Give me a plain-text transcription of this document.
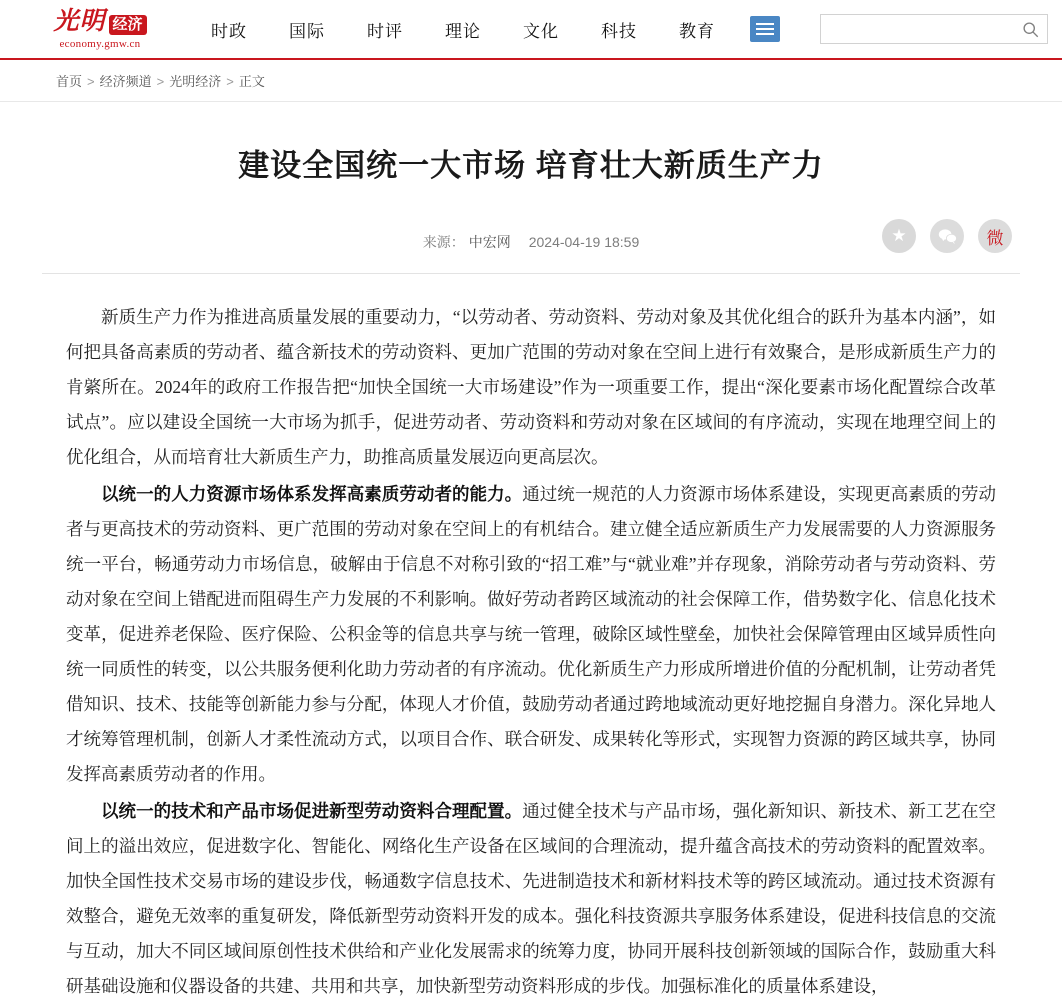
光明 经济
economy.gmw.cn
时政	国际	时评	理论	文化	科技	教育
首页 > 经济频道 > 光明经济 > 正文
建设全国统一大市场 培育壮大新质生产力
来源： 中宏网 2024-04-19 18:59	★	微

新质生产力作为推进高质量发展的重要动力，“以劳动者、劳动资料、劳动对象及其优化组合的跃升为基本内涵”，如何把具备高素质的劳动者、蕴含新技术的劳动资料、更加广范围的劳动对象在空间上进行有效聚合，是形成新质生产力的肯綮所在。2024年的政府工作报告把“加快全国统一大市场建设”作为一项重要工作，提出“深化要素市场化配置综合改革试点”。应以建设全国统一大市场为抓手，促进劳动者、劳动资料和劳动对象在区域间的有序流动，实现在地理空间上的优化组合，从而培育壮大新质生产力，助推高质量发展迈向更高层次。

以统一的人力资源市场体系发挥高素质劳动者的能力。通过统一规范的人力资源市场体系建设，实现更高素质的劳动者与更高技术的劳动资料、更广范围的劳动对象在空间上的有机结合。建立健全适应新质生产力发展需要的人力资源服务统一平台，畅通劳动力市场信息，破解由于信息不对称引致的“招工难”与“就业难”并存现象，消除劳动者与劳动资料、劳动对象在空间上错配进而阻碍生产力发展的不利影响。做好劳动者跨区域流动的社会保障工作，借势数字化、信息化技术变革，促进养老保险、医疗保险、公积金等的信息共享与统一管理，破除区域性壁垒，加快社会保障管理由区域异质性向统一同质性的转变，以公共服务便利化助力劳动者的有序流动。优化新质生产力形成所增进价值的分配机制，让劳动者凭借知识、技术、技能等创新能力参与分配，体现人才价值，鼓励劳动者通过跨地域流动更好地挖掘自身潜力。深化异地人才统筹管理机制，创新人才柔性流动方式，以项目合作、联合研发、成果转化等形式，实现智力资源的跨区域共享，协同发挥高素质劳动者的作用。

以统一的技术和产品市场促进新型劳动资料合理配置。通过健全技术与产品市场，强化新知识、新技术、新工艺在空间上的溢出效应，促进数字化、智能化、网络化生产设备在区域间的合理流动，提升蕴含高技术的劳动资料的配置效率。加快全国性技术交易市场的建设步伐，畅通数字信息技术、先进制造技术和新材料技术等的跨区域流动。通过技术资源有效整合，避免无效率的重复研发，降低新型劳动资料开发的成本。强化科技资源共享服务体系建设，促进科技信息的交流与互动，加大不同区域间原创性技术供给和产业化发展需求的统筹力度，协同开展科技创新领域的国际合作，鼓励重大科研基础设施和仪器设备的共建、共用和共享，加快新型劳动资料形成的步伐。加强标准化的质量体系建设，
